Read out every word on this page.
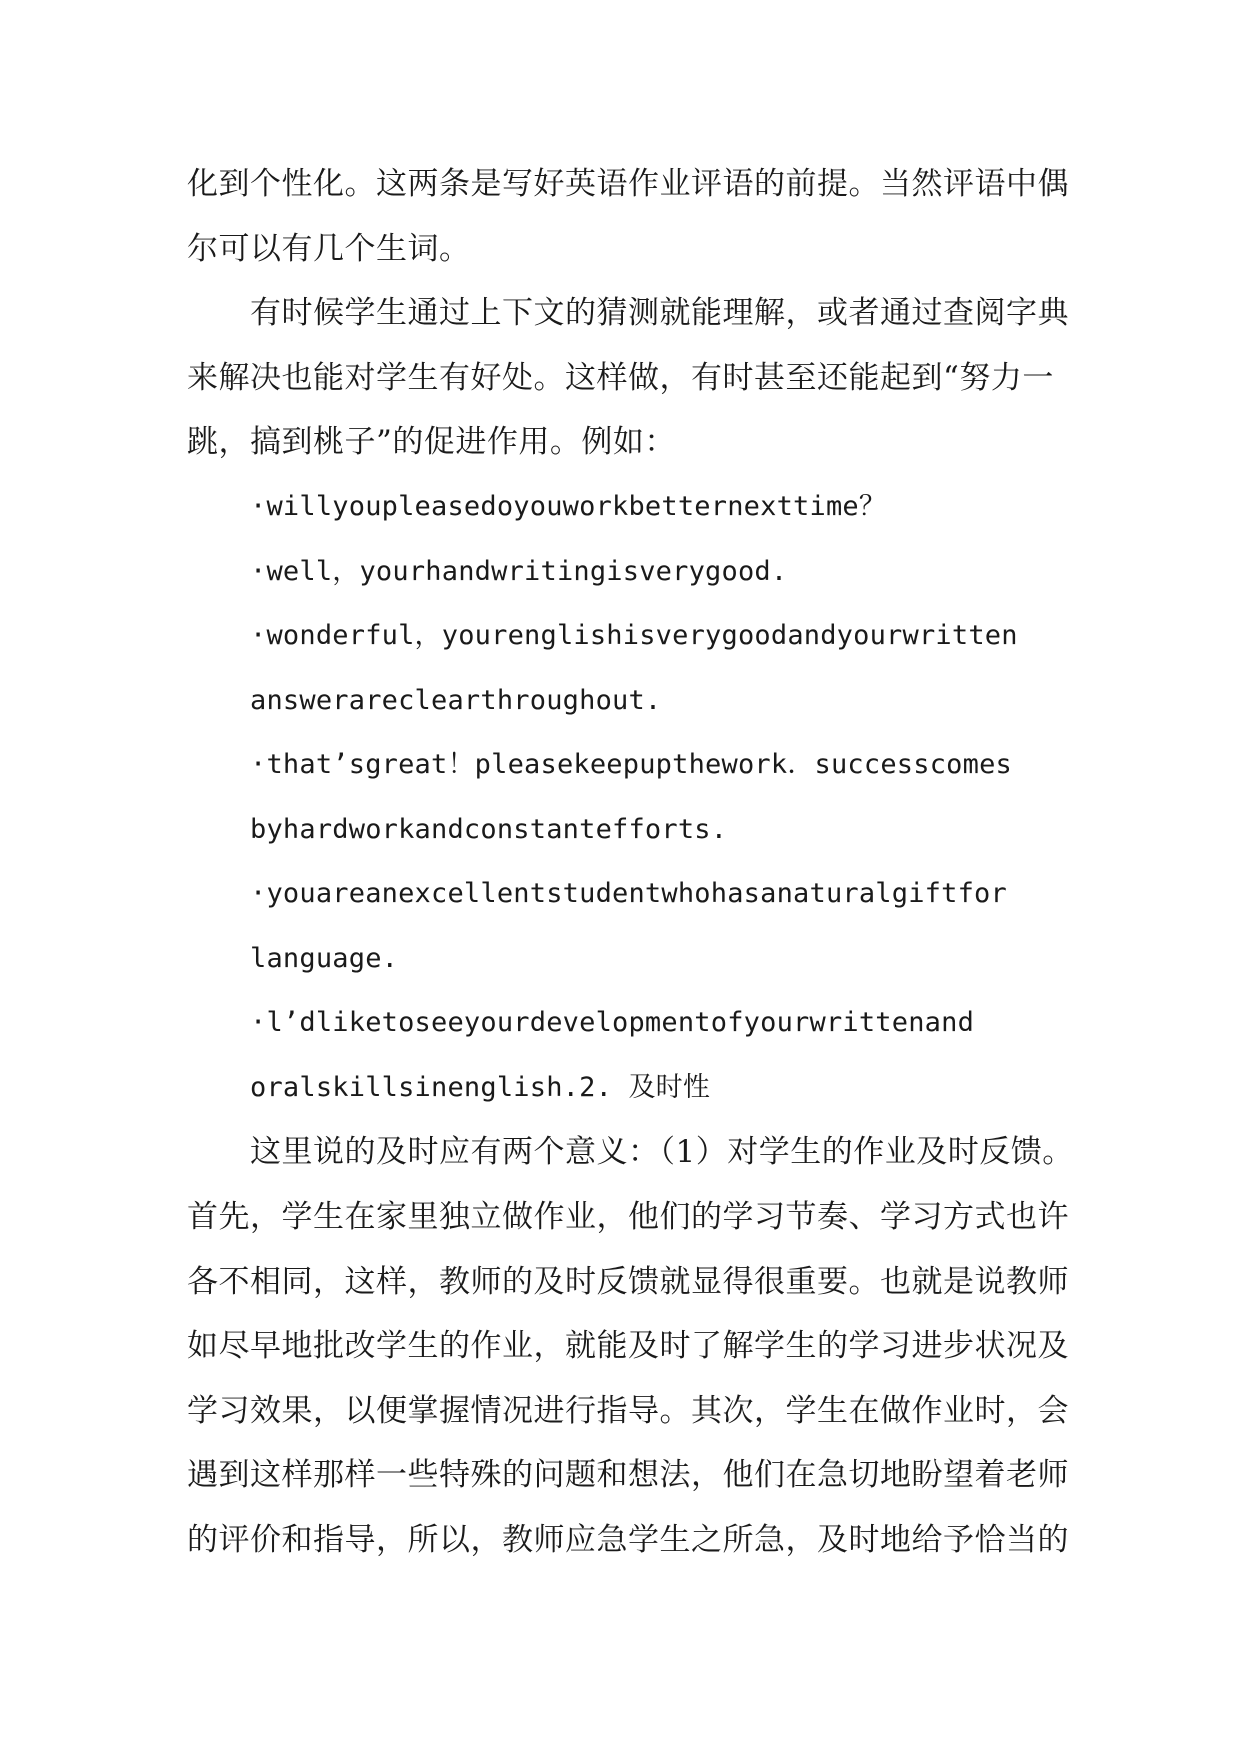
化到个性化。这两条是写好英语作业评语的前提。当然评语中偶

尔可以有几个生词。

有时候学生通过上下文的猜测就能理解，或者通过查阅字典

来解决也能对学生有好处。这样做，有时甚至还能起到“努力一

跳，搞到桃子”的促进作用。例如：

·willyoupleasedoyouworkbetternexttime？

·well，yourhandwritingisverygood.

·wonderful，yourenglishisverygoodandyourwritten

answerareclearthroughout.

·that’sgreat！pleasekeepupthework．successcomes

byhardworkandconstantefforts.

·youareanexcellentstudentwhohasanaturalgiftfor

language.

·l’dliketoseeyourdevelopmentofyourwrittenand

oralskillsinenglish.2. 及时性

这里说的及时应有两个意义：（1）对学生的作业及时反馈。

首先，学生在家里独立做作业，他们的学习节奏、学习方式也许

各不相同，这样，教师的及时反馈就显得很重要。也就是说教师

如尽早地批改学生的作业，就能及时了解学生的学习进步状况及

学习效果，以便掌握情况进行指导。其次，学生在做作业时，会

遇到这样那样一些特殊的问题和想法，他们在急切地盼望着老师

的评价和指导，所以，教师应急学生之所急，及时地给予恰当的
